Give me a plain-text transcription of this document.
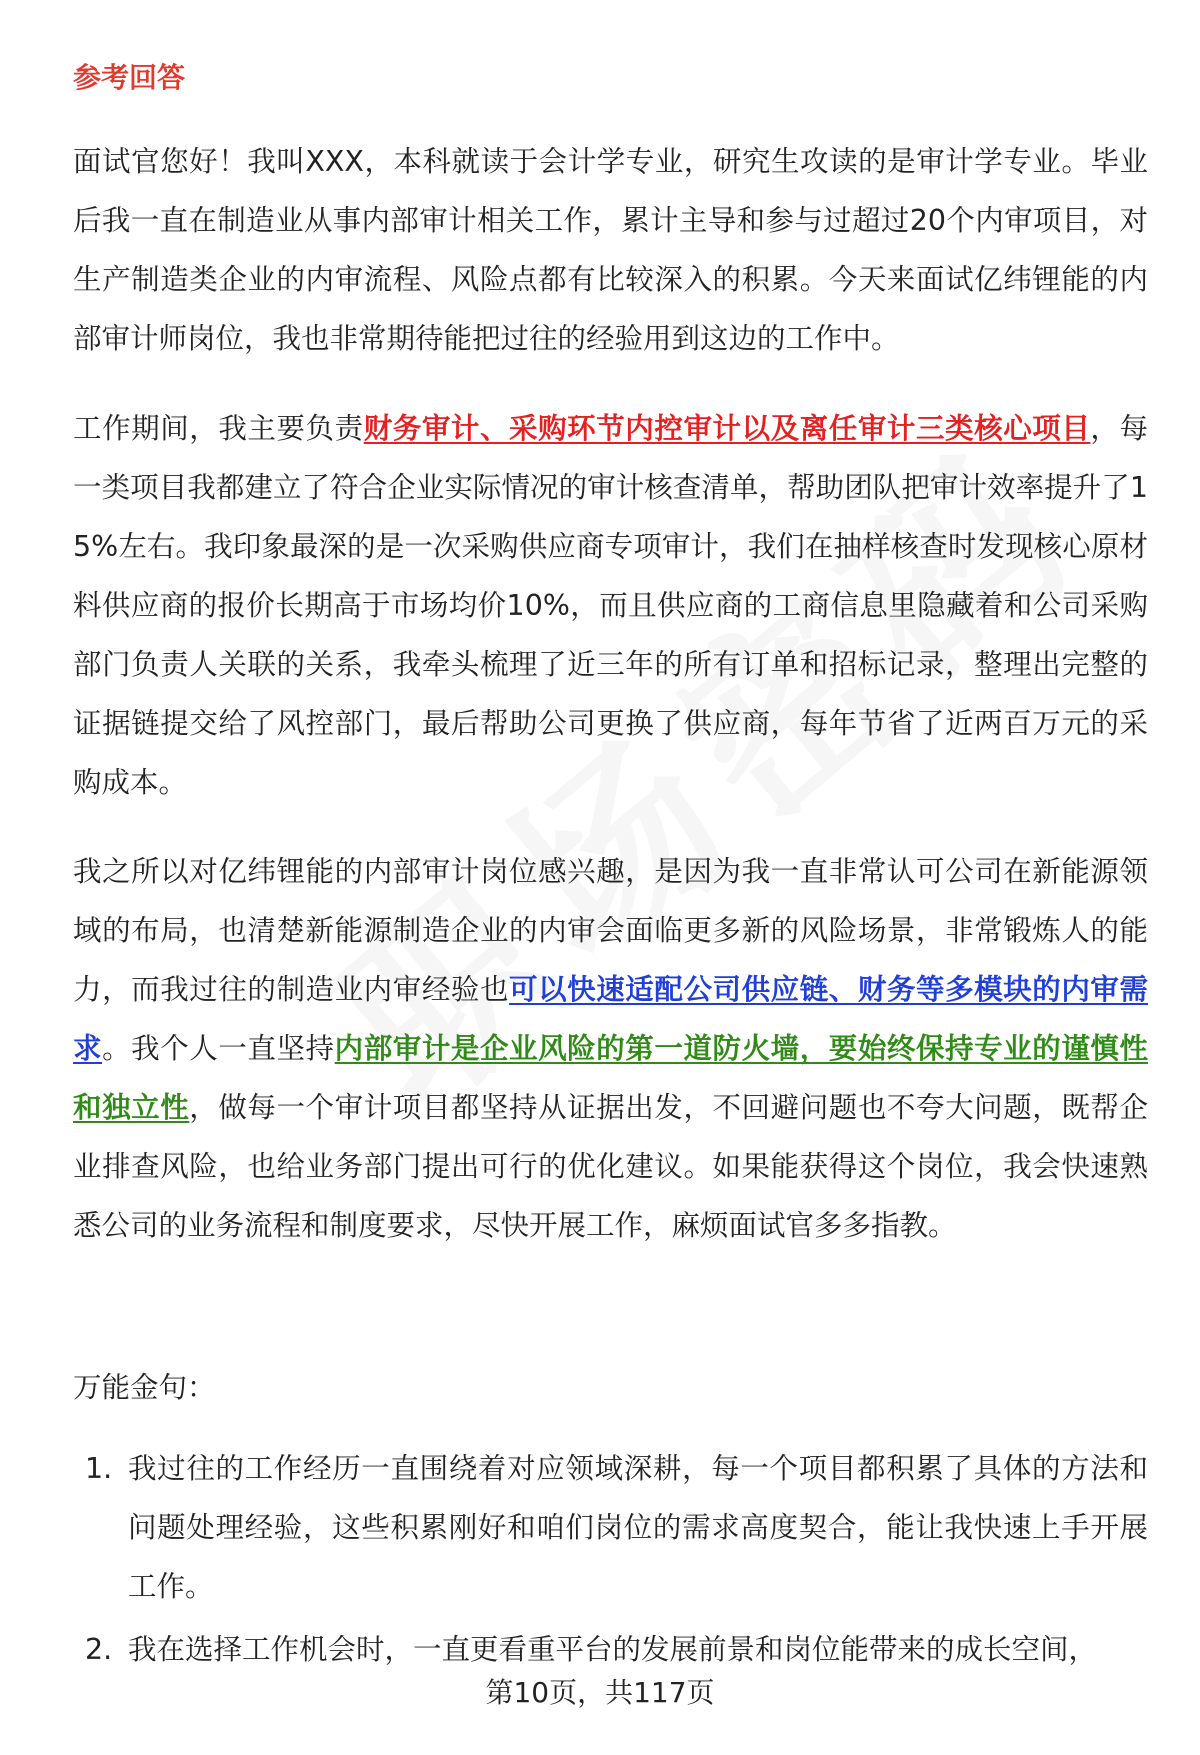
参考回答

面试官您好！我叫XXX，本科就读于会计学专业，研究生攻读的是审计学专业。毕业后我一直在制造业从事内部审计相关工作，累计主导和参与过超过20个内审项目，对生产制造类企业的内审流程、风险点都有比较深入的积累。今天来面试亿纬锂能的内部审计师岗位，我也非常期待能把过往的经验用到这边的工作中。

工作期间，我主要负责财务审计、采购环节内控审计以及离任审计三类核心项目，每一类项目我都建立了符合企业实际情况的审计核查清单，帮助团队把审计效率提升了15%左右。我印象最深的是一次采购供应商专项审计，我们在抽样核查时发现核心原材料供应商的报价长期高于市场均价10%，而且供应商的工商信息里隐藏着和公司采购部门负责人关联的关系，我牵头梳理了近三年的所有订单和招标记录，整理出完整的证据链提交给了风控部门，最后帮助公司更换了供应商，每年节省了近两百万元的采购成本。

我之所以对亿纬锂能的内部审计岗位感兴趣，是因为我一直非常认可公司在新能源领域的布局，也清楚新能源制造企业的内审会面临更多新的风险场景，非常锻炼人的能力，而我过往的制造业内审经验也可以快速适配公司供应链、财务等多模块的内审需求。我个人一直坚持内部审计是企业风险的第一道防火墙，要始终保持专业的谨慎性和独立性，做每一个审计项目都坚持从证据出发，不回避问题也不夸大问题，既帮企业排查风险，也给业务部门提出可行的优化建议。如果能获得这个岗位，我会快速熟悉公司的业务流程和制度要求，尽快开展工作，麻烦面试官多多指教。

万能金句：

1. 我过往的工作经历一直围绕着对应领域深耕，每一个项目都积累了具体的方法和问题处理经验，这些积累刚好和咱们岗位的需求高度契合，能让我快速上手开展工作。
2. 我在选择工作机会时，一直更看重平台的发展前景和岗位能带来的成长空间，
第10页，共117页
